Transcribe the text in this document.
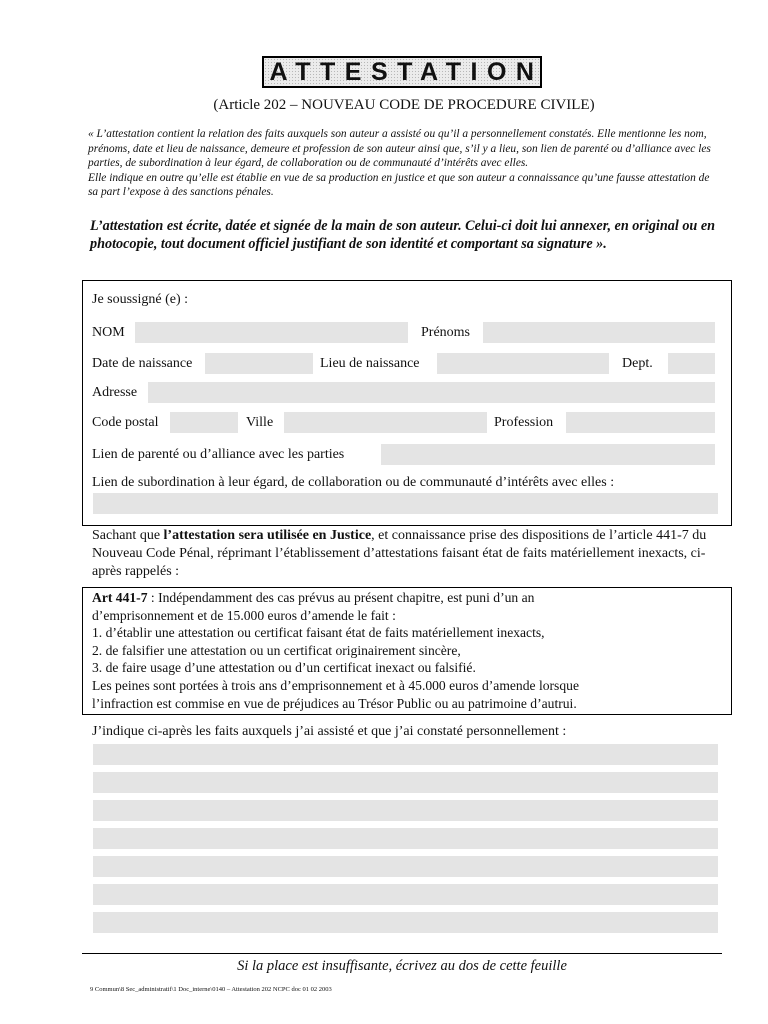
ATTESTATION
(Article 202 – NOUVEAU CODE DE PROCEDURE CIVILE)

« L’attestation contient la relation des faits auxquels son auteur a assisté ou qu’il a personnellement constatés. Elle mentionne les nom, prénoms, date et lieu de naissance, demeure et profession de son auteur ainsi que, s’il y a lieu, son lien de parenté ou d’alliance avec les parties, de subordination à leur égard, de collaboration ou de communauté d’intérêts avec elles.

Elle indique en outre qu’elle est établie en vue de sa production en justice et que son auteur a connaissance qu’une fausse attestation de sa part l’expose à des sanctions pénales.

L’attestation est écrite, datée et signée de la main de son auteur. Celui-ci doit lui annexer, en original ou en photocopie, tout document officiel justifiant de son identité et comportant sa signature ».
Je soussigné (e) :
NOM	Prénoms
Date de naissance	Lieu de naissance	Dept.
Adresse
Code postal	Ville	Profession
Lien de parenté ou d’alliance avec les parties
Lien de subordination à leur égard, de collaboration ou de communauté d’intérêts avec elles :
Sachant que l’attestation sera utilisée en Justice, et connaissance prise des dispositions de l’article 441-7 du Nouveau Code Pénal, réprimant l’établissement d’attestations faisant état de faits matériellement inexacts, ci-après rappelés :
Art 441-7 : Indépendamment des cas prévus au présent chapitre, est puni d’un an
d’emprisonnement et de 15.000 euros d’amende le fait :
1. d’établir une attestation ou certificat faisant état de faits matériellement inexacts,
2. de falsifier une attestation ou un certificat originairement sincère,
3. de faire usage d’une attestation ou d’un certificat inexact ou falsifié.
Les peines sont portées à trois ans d’emprisonnement et à 45.000 euros d’amende lorsque
l’infraction est commise en vue de préjudices au Trésor Public ou au patrimoine d’autrui.
J’indique ci-après les faits auxquels j’ai assisté et que j’ai constaté personnellement :
Si la place est insuffisante, écrivez au dos de cette feuille
9 Commun\8 Sec_administratif\1 Doc_interne\0140 – Attestation 202 NCPC doc 01 02 2003
